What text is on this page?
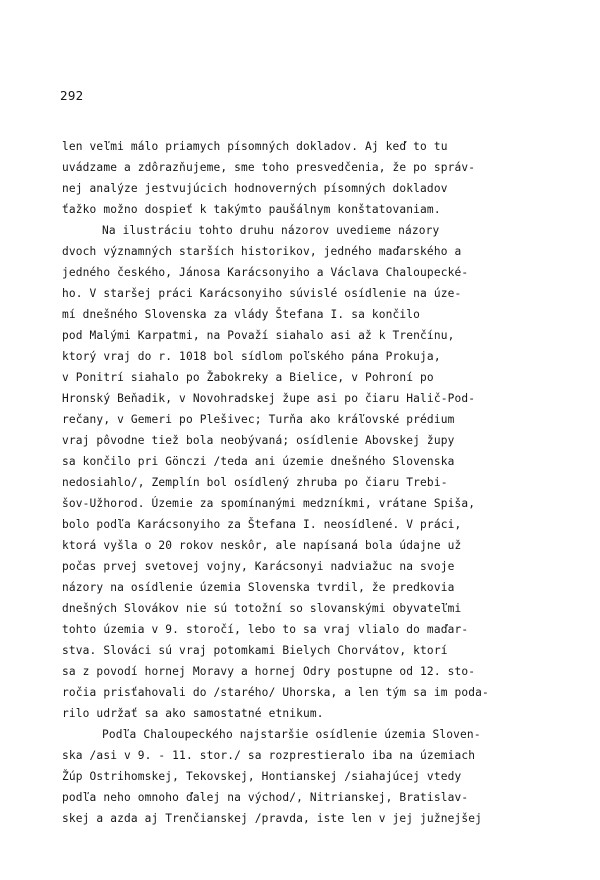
292
len veľmi málo priamych písomných dokladov. Aj keď to tu
uvádzame a zdôrazňujeme, sme toho presvedčenia, že po správ-
nej analýze jestvujúcich hodnoverných písomných dokladov
ťažko možno dospieť k takýmto paušálnym konštatovaniam.
Na ilustráciu tohto druhu názorov uvedieme názory
dvoch významných starších historikov, jedného maďarského a
jedného českého, Jánosa Karácsonyiho a Václava Chaloupecké-
ho. V staršej práci Karácsonyiho súvislé osídlenie na úze-
mí dnešného Slovenska za vlády Štefana I. sa končilo
pod Malými Karpatmi, na Považí siahalo asi až k Trenčínu,
ktorý vraj do r. 1018 bol sídlom poľského pána Prokuja,
v Ponitrí siahalo po Žabokreky a Bielice, v Pohroní po
Hronský Beňadik, v Novohradskej župe asi po čiaru Halič-Pod-
rečany, v Gemeri po Plešivec; Turňa ako kráľovské prédium
vraj pôvodne tiež bola neobývaná; osídlenie Abovskej župy
sa končilo pri Gönczi /teda ani územie dnešného Slovenska
nedosiahlo/, Zemplín bol osídlený zhruba po čiaru Trebi-
šov-Užhorod. Územie za spomínanými medzníkmi, vrátane Spiša,
bolo podľa Karácsonyiho za Štefana I. neosídlené. V práci,
ktorá vyšla o 20 rokov neskôr, ale napísaná bola údajne už
počas prvej svetovej vojny, Karácsonyi nadviažuc na svoje
názory na osídlenie územia Slovenska tvrdil, že predkovia
dnešných Slovákov nie sú totožní so slovanskými obyvateľmi
tohto územia v 9. storočí, lebo to sa vraj vlialo do maďar-
stva. Slováci sú vraj potomkami Bielych Chorvátov, ktorí
sa z povodí hornej Moravy a hornej Odry postupne od 12. sto-
ročia prisťahovali do /starého/ Uhorska, a len tým sa im podа-
rilo udržať sa ako samostatné etnikum.
Podľa Chaloupeckého najstaršie osídlenie územia Sloven-
ska /asi v 9. - 11. stor./ sa rozprestieralo iba na územiach
Žúp Ostrihomskej, Tekovskej, Hontianskej /siahajúcej vtedy
podľa neho omnoho ďalej na východ/, Nitrianskej, Bratislav-
skej a azda aj Trenčianskej /pravda, iste len v jej južnejšej
